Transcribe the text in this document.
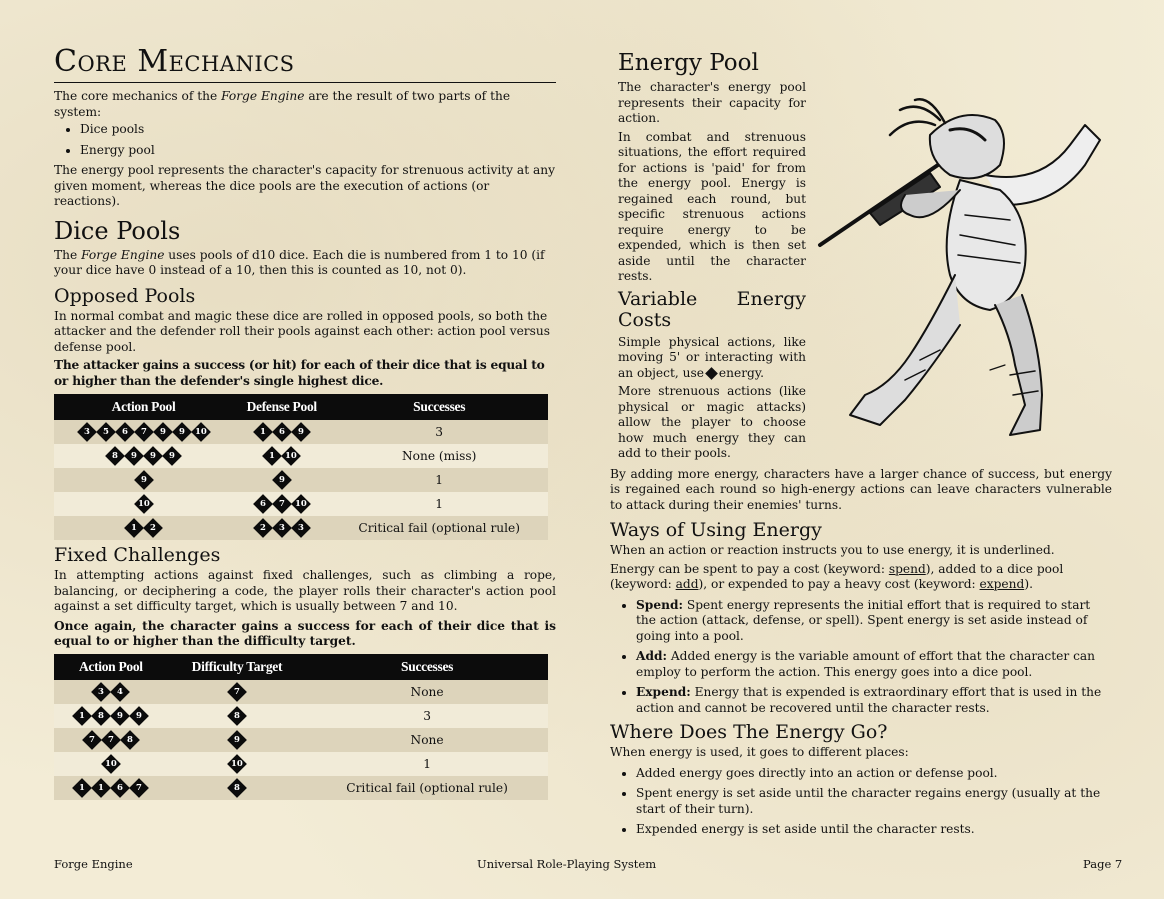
Core Mechanics

The core mechanics of the Forge Engine are the result of two parts of the system:

• Dice pools
• Energy pool

The energy pool represents the character's capacity for strenuous activity at any given moment, whereas the dice pools are the execution of actions (or reactions).

Dice Pools

The Forge Engine uses pools of d10 dice. Each die is numbered from 1 to 10 (if your dice have 0 instead of a 10, then this is counted as 10, not 0).

Opposed Pools

In normal combat and magic these dice are rolled in opposed pools, so both the attacker and the defender roll their pools against each other: action pool versus defense pool.

The attacker gains a success (or hit) for each of their dice that is equal to or higher than the defender's single highest dice.

Action Pool	Defense Pool	Successes
3 5 6 7 9 9 10	1 6 9	3
8 9 9 9	1 10	None (miss)
9	9	1
10	6 7 10	1
1 2	2 3 3	Critical fail (optional rule)
Fixed Challenges

In attempting actions against fixed challenges, such as climbing a rope, balancing, or deciphering a code, the player rolls their character's action pool against a set difficulty target, which is usually between 7 and 10.

Once again, the character gains a success for each of their dice that is equal to or higher than the difficulty target.

Action Pool	Difficulty Target	Successes
3 4	7	None
1 8 9 9	8	3
7 7 8	9	None
10	10	1
1 1 6 7	8	Critical fail (optional rule)
Energy Pool

The character's energy pool represents their capacity for action.

In combat and strenuous situations, the effort required for actions is 'paid' for from the energy pool. Energy is regained each round, but specific strenuous actions require energy to be expended, which is then set aside until the character rests.

Variable Energy Costs

Simple physical actions, like moving 5' or interacting with an object, use energy.

More strenuous actions (like physical or magic attacks) allow the player to choose how much energy they can add to their pools.

By adding more energy, characters have a larger chance of success, but energy is regained each round so high-energy actions can leave characters vulnerable to attack during their enemies' turns.

Ways of Using Energy

When an action or reaction instructs you to use energy, it is underlined.

Energy can be spent to pay a cost (keyword: spend), added to a dice pool (keyword: add), or expended to pay a heavy cost (keyword: expend).

• Spend: Spent energy represents the initial effort that is required to start the action (attack, defense, or spell). Spent energy is set aside instead of going into a pool.
• Add: Added energy is the variable amount of effort that the character can employ to perform the action. This energy goes into a dice pool.
• Expend: Energy that is expended is extraordinary effort that is used in the action and cannot be recovered until the character rests.
Where Does The Energy Go?

When energy is used, it goes to different places:

• Added energy goes directly into an action or defense pool.
• Spent energy is set aside until the character regains energy (usually at the start of their turn).
• Expended energy is set aside until the character rests.
Forge Engine	Universal Role-Playing System	Page 7
